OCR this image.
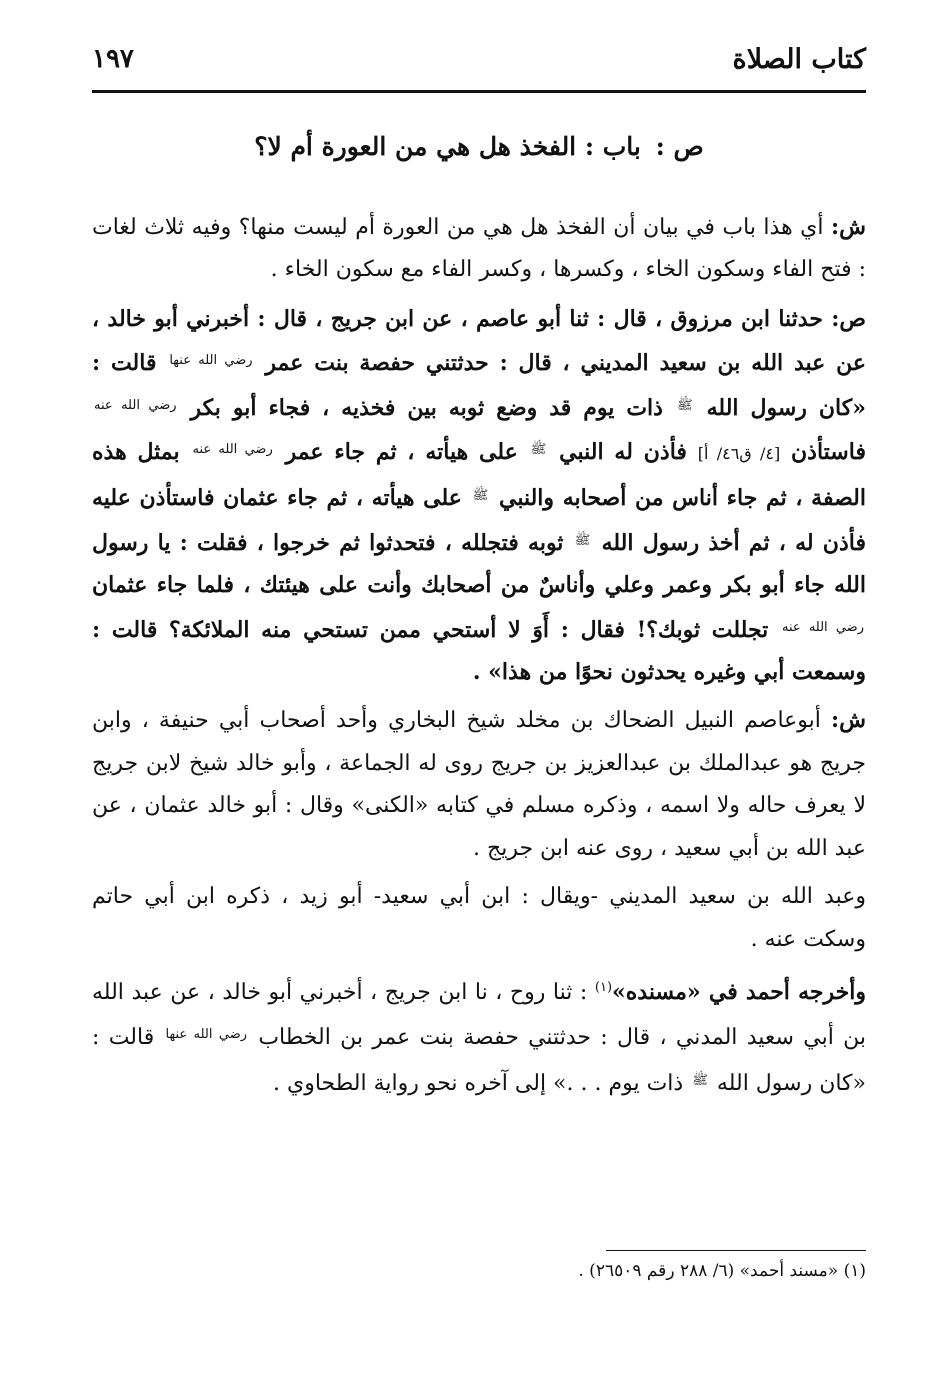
كتاب الصلاة
١٩٧
ص : باب : الفخذ هل هي من العورة أم لا؟

ش: أي هذا باب في بيان أن الفخذ هل هي من العورة أم ليست منها؟ وفيه ثلاث لغات : فتح الفاء وسكون الخاء ، وكسرها ، وكسر الفاء مع سكون الخاء .

ص: حدثنا ابن مرزوق ، قال : ثنا أبو عاصم ، عن ابن جريج ، قال : أخبرني أبو خالد ، عن عبد الله بن سعيد المديني ، قال : حدثتني حفصة بنت عمر $^{رضي الله عنها}$ قالت : «كان رسول الله $^ﷺ$ ذات يوم قد وضع ثوبه بين فخذيه ، فجاء أبو بكر $^{رضي الله عنه}$ فاستأذن [٤/ ق٤٦/ أ] فأذن له النبي $^ﷺ$ على هيأته ، ثم جاء عمر $^{رضي الله عنه}$ بمثل هذه الصفة ، ثم جاء أناس من أصحابه والنبي $^ﷺ$ على هيأته ، ثم جاء عثمان فاستأذن عليه فأذن له ، ثم أخذ رسول الله $^ﷺ$ ثوبه فتجلله ، فتحدثوا ثم خرجوا ، فقلت : يا رسول الله جاء أبو بكر وعمر وعلي وأناسٌ من أصحابك وأنت على هيئتك ، فلما جاء عثمان $^{رضي الله عنه}$ تجللت ثوبك؟! فقال : أَوَ لا أستحي ممن تستحي منه الملائكة؟ قالت : وسمعت أبي وغيره يحدثون نحوًا من هذا» .

ش: أبوعاصم النبيل الضحاك بن مخلد شيخ البخاري وأحد أصحاب أبي حنيفة ، وابن جريج هو عبدالملك بن عبدالعزيز بن جريج روى له الجماعة ، وأبو خالد شيخ لابن جريج لا يعرف حاله ولا اسمه ، وذكره مسلم في كتابه «الكنى» وقال : أبو خالد عثمان ، عن عبد الله بن أبي سعيد ، روى عنه ابن جريج .

وعبد الله بن سعيد المديني -ويقال : ابن أبي سعيد- أبو زيد ، ذكره ابن أبي حاتم وسكت عنه .

وأخرجه أحمد في «مسنده»$^{(١)}$ : ثنا روح ، نا ابن جريج ، أخبرني أبو خالد ، عن عبد الله بن أبي سعيد المدني ، قال : حدثتني حفصة بنت عمر بن الخطاب $^{رضي الله عنها}$ قالت : «كان رسول الله $^ﷺ$ ذات يوم . . .» إلى آخره نحو رواية الطحاوي .

(١) «مسند أحمد» (٦/ ٢٨٨ رقم ٢٦٥٠٩) .
